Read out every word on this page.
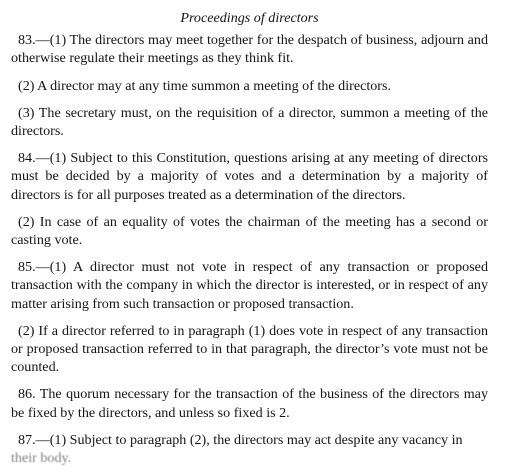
Proceedings of directors

83.—(1) The directors may meet together for the despatch of business, adjourn and otherwise regulate their meetings as they think fit.

(2) A director may at any time summon a meeting of the directors.

(3) The secretary must, on the requisition of a director, summon a meeting of the directors.

84.—(1) Subject to this Constitution, questions arising at any meeting of directors must be decided by a majority of votes and a determination by a majority of directors is for all purposes treated as a determination of the directors.

(2) In case of an equality of votes the chairman of the meeting has a second or casting vote.

85.—(1) A director must not vote in respect of any transaction or proposed transaction with the company in which the director is interested, or in respect of any matter arising from such transaction or proposed transaction.

(2) If a director referred to in paragraph (1) does vote in respect of any transaction or proposed transaction referred to in that paragraph, the director’s vote must not be counted.

86. The quorum necessary for the transaction of the business of the directors may be fixed by the directors, and unless so fixed is 2.

87.—(1) Subject to paragraph (2), the directors may act despite any vacancy in
their body.
